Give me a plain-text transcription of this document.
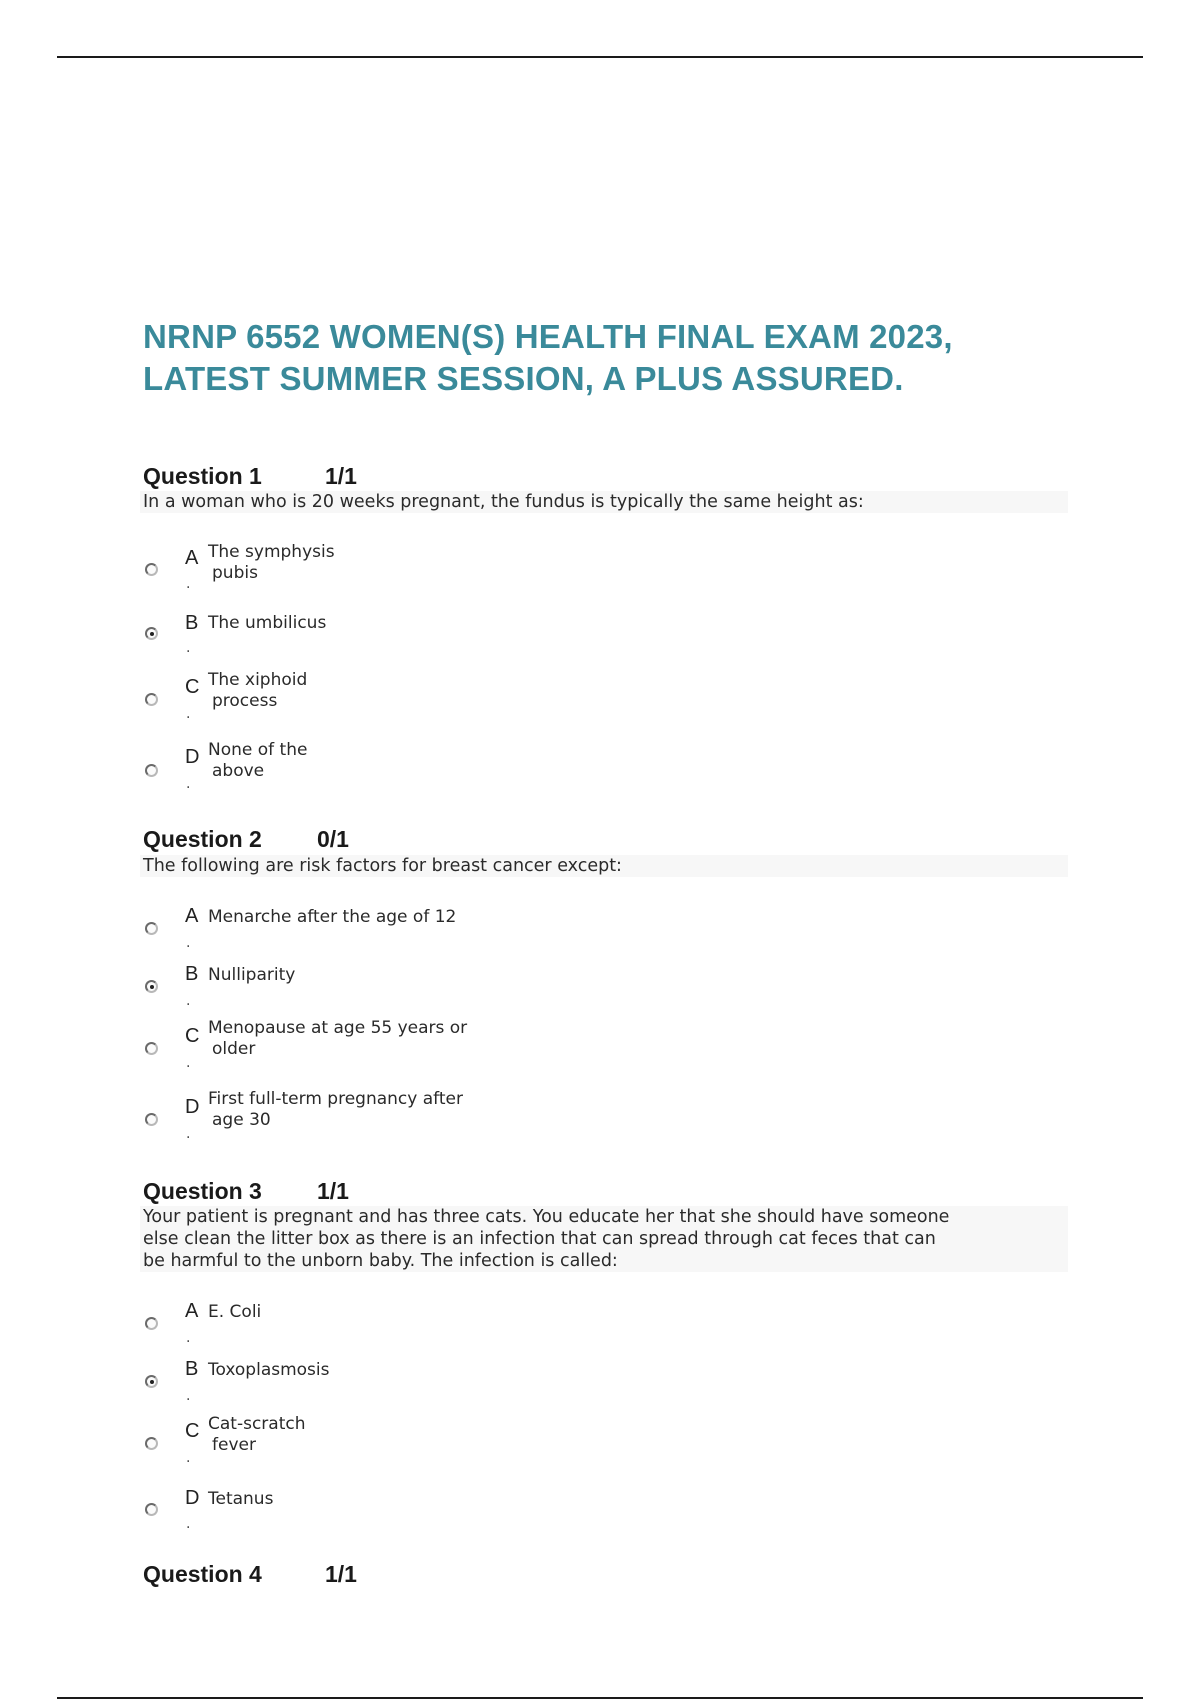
NRNP 6552 WOMEN(S) HEALTH FINAL EXAM 2023,
LATEST SUMMER SESSION, A PLUS ASSURED.
Question 1	1/1
In a woman who is 20 weeks pregnant, the fundus is typically the same height as:
A
.
The symphysis
pubis
B
.
The umbilicus
C
.
The xiphoid
process
D
.
None of the
above
Question 2 0/1
The following are risk factors for breast cancer except:
A
.
Menarche after the age of 12
B
.
Nulliparity
C
.
Menopause at age 55 years or
older
D
.
First full-term pregnancy after
age 30
Question 3 1/1
Your patient is pregnant and has three cats. You educate her that she should have someone
else clean the litter box as there is an infection that can spread through cat feces that can
be harmful to the unborn baby. The infection is called:
A
.
E. Coli
B
.
Toxoplasmosis
C
.
Cat-scratch
fever
D
.
Tetanus
Question 4	1/1
